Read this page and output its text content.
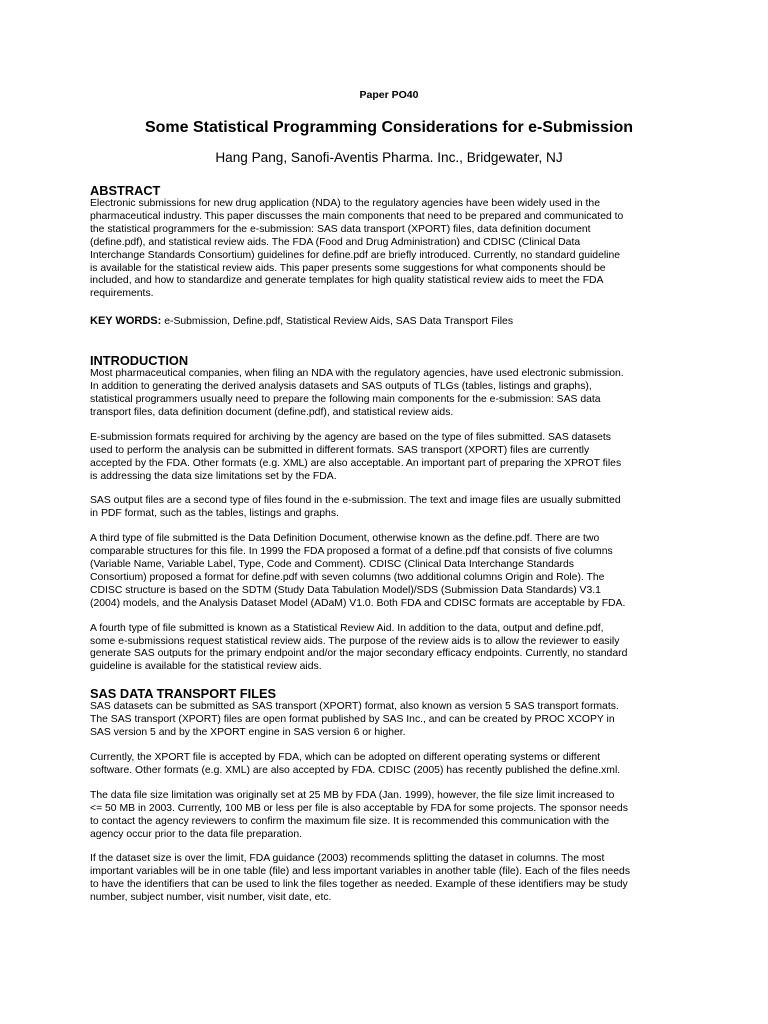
Paper PO40

Some Statistical Programming Considerations for e-Submission

Hang Pang, Sanofi-Aventis Pharma. Inc., Bridgewater, NJ

ABSTRACT

Electronic submissions for new drug application (NDA) to the regulatory agencies have been widely used in the

pharmaceutical industry. This paper discusses the main components that need to be prepared and communicated to

the statistical programmers for the e-submission: SAS data transport (XPORT) files, data definition document

(define.pdf), and statistical review aids. The FDA (Food and Drug Administration) and CDISC (Clinical Data

Interchange Standards Consortium) guidelines for define.pdf are briefly introduced. Currently, no standard guideline

is available for the statistical review aids. This paper presents some suggestions for what components should be

included, and how to standardize and generate templates for high quality statistical review aids to meet the FDA

requirements.

KEY WORDS: e-Submission, Define.pdf, Statistical Review Aids, SAS Data Transport Files

INTRODUCTION

Most pharmaceutical companies, when filing an NDA with the regulatory agencies, have used electronic submission.

In addition to generating the derived analysis datasets and SAS outputs of TLGs (tables, listings and graphs),

statistical programmers usually need to prepare the following main components for the e-submission: SAS data

transport files, data definition document (define.pdf), and statistical review aids.

E-submission formats required for archiving by the agency are based on the type of files submitted. SAS datasets

used to perform the analysis can be submitted in different formats. SAS transport (XPORT) files are currently

accepted by the FDA. Other formats (e.g. XML) are also acceptable. An important part of preparing the XPROT files

is addressing the data size limitations set by the FDA.

SAS output files are a second type of files found in the e-submission. The text and image files are usually submitted

in PDF format, such as the tables, listings and graphs.

A third type of file submitted is the Data Definition Document, otherwise known as the define.pdf. There are two

comparable structures for this file. In 1999 the FDA proposed a format of a define.pdf that consists of five columns

(Variable Name, Variable Label, Type, Code and Comment). CDISC (Clinical Data Interchange Standards

Consortium) proposed a format for define.pdf with seven columns (two additional columns Origin and Role). The

CDISC structure is based on the SDTM (Study Data Tabulation Model)/SDS (Submission Data Standards) V3.1

(2004) models, and the Analysis Dataset Model (ADaM) V1.0. Both FDA and CDISC formats are acceptable by FDA.

A fourth type of file submitted is known as a Statistical Review Aid. In addition to the data, output and define.pdf,

some e-submissions request statistical review aids. The purpose of the review aids is to allow the reviewer to easily

generate SAS outputs for the primary endpoint and/or the major secondary efficacy endpoints. Currently, no standard

guideline is available for the statistical review aids.

SAS DATA TRANSPORT FILES

SAS datasets can be submitted as SAS transport (XPORT) format, also known as version 5 SAS transport formats.

The SAS transport (XPORT) files are open format published by SAS Inc., and can be created by PROC XCOPY in

SAS version 5 and by the XPORT engine in SAS version 6 or higher.

Currently, the XPORT file is accepted by FDA, which can be adopted on different operating systems or different

software. Other formats (e.g. XML) are also accepted by FDA. CDISC (2005) has recently published the define.xml.

The data file size limitation was originally set at 25 MB by FDA (Jan. 1999), however, the file size limit increased to

<= 50 MB in 2003. Currently, 100 MB or less per file is also acceptable by FDA for some projects. The sponsor needs

to contact the agency reviewers to confirm the maximum file size. It is recommended this communication with the

agency occur prior to the data file preparation.

If the dataset size is over the limit, FDA guidance (2003) recommends splitting the dataset in columns. The most

important variables will be in one table (file) and less important variables in another table (file). Each of the files needs

to have the identifiers that can be used to link the files together as needed. Example of these identifiers may be study

number, subject number, visit number, visit date, etc.
